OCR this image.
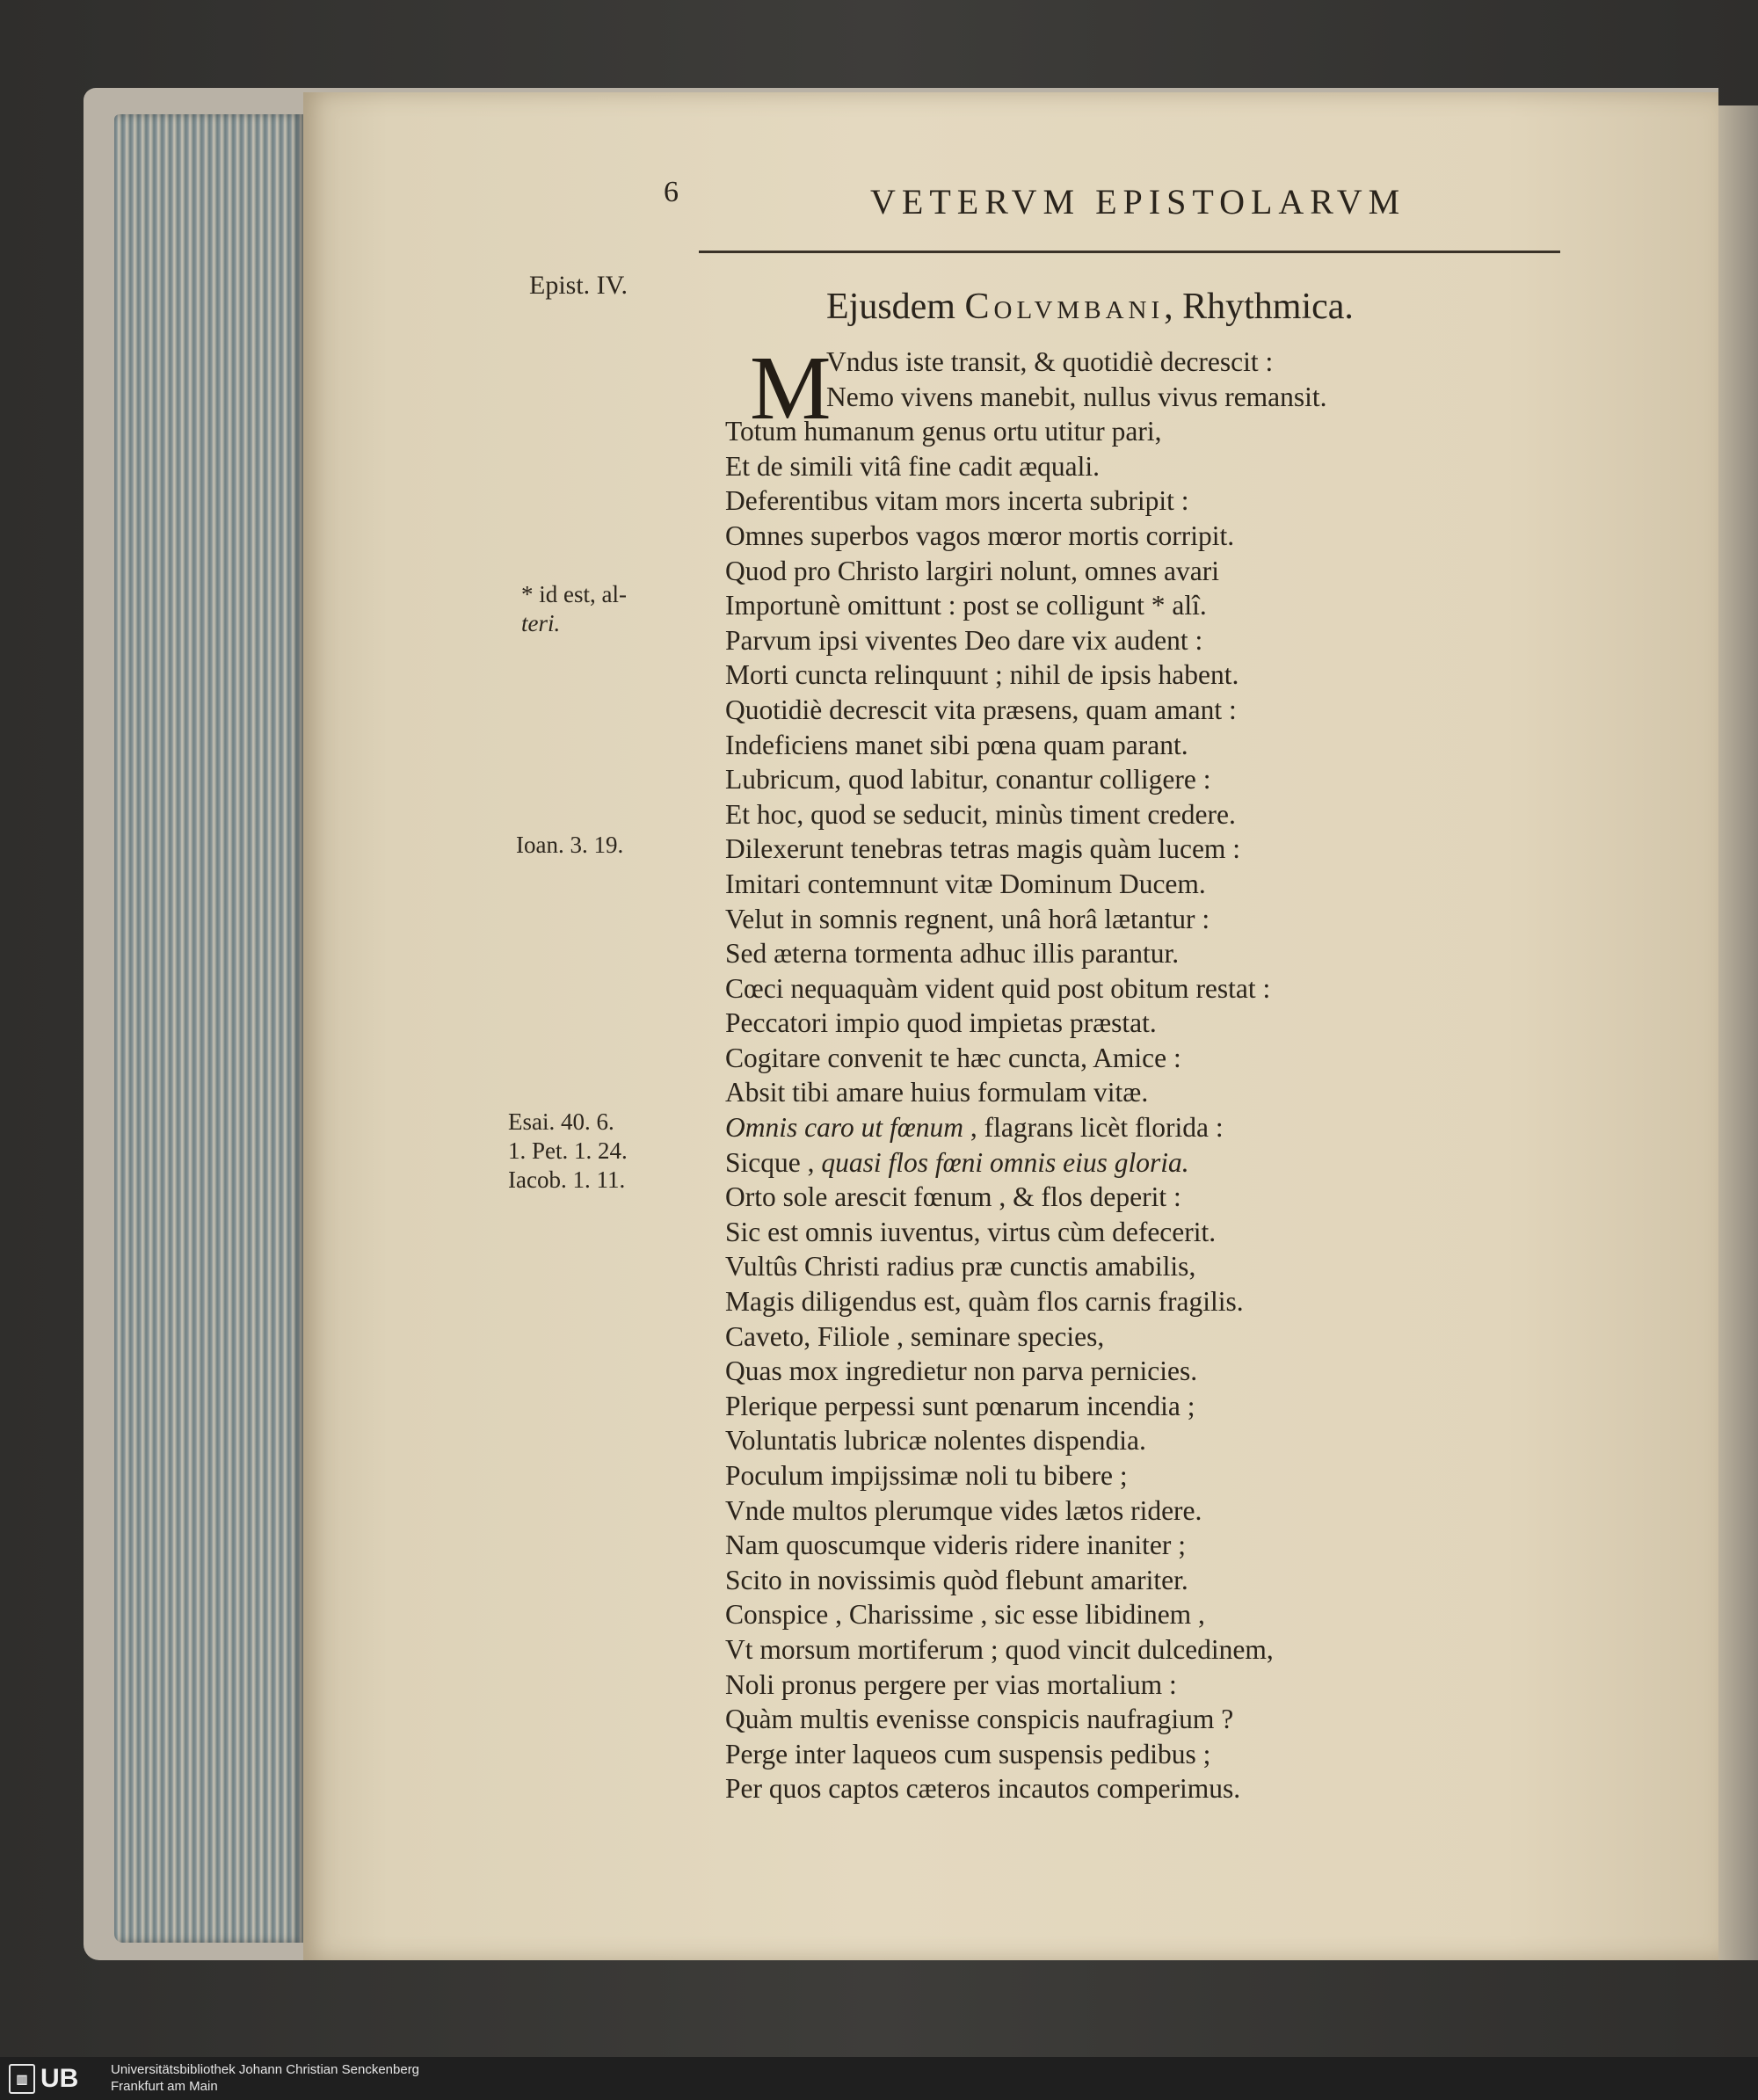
6	VETERVM EPISTOLARVM
Epist. IV.
* id est, al-
teri.
Ioan. 3. 19.
Esai. 40. 6.
1. Pet. 1. 24.
Iacob. 1. 11.
Ejusdem Colvmbani, Rhythmica.
M
Vndus iste transit, & quotidiè decrescit :
Nemo vivens manebit, nullus vivus remansit.
Totum humanum genus ortu utitur pari,
Et de simili vitâ fine cadit æquali.
Deferentibus vitam mors incerta subripit :
Omnes superbos vagos mœror mortis corripit.
Quod pro Christo largiri nolunt, omnes avari
Importunè omittunt : post se colligunt * alî.
Parvum ipsi viventes Deo dare vix audent :
Morti cuncta relinquunt ; nihil de ipsis habent.
Quotidiè decrescit vita præsens, quam amant :
Indeficiens manet sibi pœna quam parant.
Lubricum, quod labitur, conantur colligere :
Et hoc, quod se seducit, minùs timent credere.
Dilexerunt tenebras tetras magis quàm lucem :
Imitari contemnunt vitæ Dominum Ducem.
Velut in somnis regnent, unâ horâ lætantur :
Sed æterna tormenta adhuc illis parantur.
Cœci nequaquàm vident quid post obitum restat :
Peccatori impio quod impietas præstat.
Cogitare convenit te hæc cuncta, Amice :
Absit tibi amare huius formulam vitæ.
Omnis caro ut fœnum , flagrans licèt florida :
Sicque , quasi flos fœni omnis eius gloria.
Orto sole arescit fœnum , & flos deperit :
Sic est omnis iuventus, virtus cùm defecerit.
Vultûs Christi radius præ cunctis amabilis,
Magis diligendus est, quàm flos carnis fragilis.
Caveto, Filiole , seminare species,
Quas mox ingredietur non parva pernicies.
Plerique perpessi sunt pœnarum incendia ;
Voluntatis lubricæ nolentes dispendia.
Poculum impijssimæ noli tu bibere ;
Vnde multos plerumque vides lætos ridere.
Nam quoscumque videris ridere inaniter ;
Scito in novissimis quòd flebunt amariter.
Conspice , Charissime , sic esse libidinem ,
Vt morsum mortiferum ; quod vincit dulcedinem,
Noli pronus pergere per vias mortalium :
Quàm multis evenisse conspicis naufragium ?
Perge inter laqueos cum suspensis pedibus ;
Per quos captos cæteros incautos comperimus.
▥ UB Universitätsbibliothek Johann Christian Senckenberg
Frankfurt am Main
